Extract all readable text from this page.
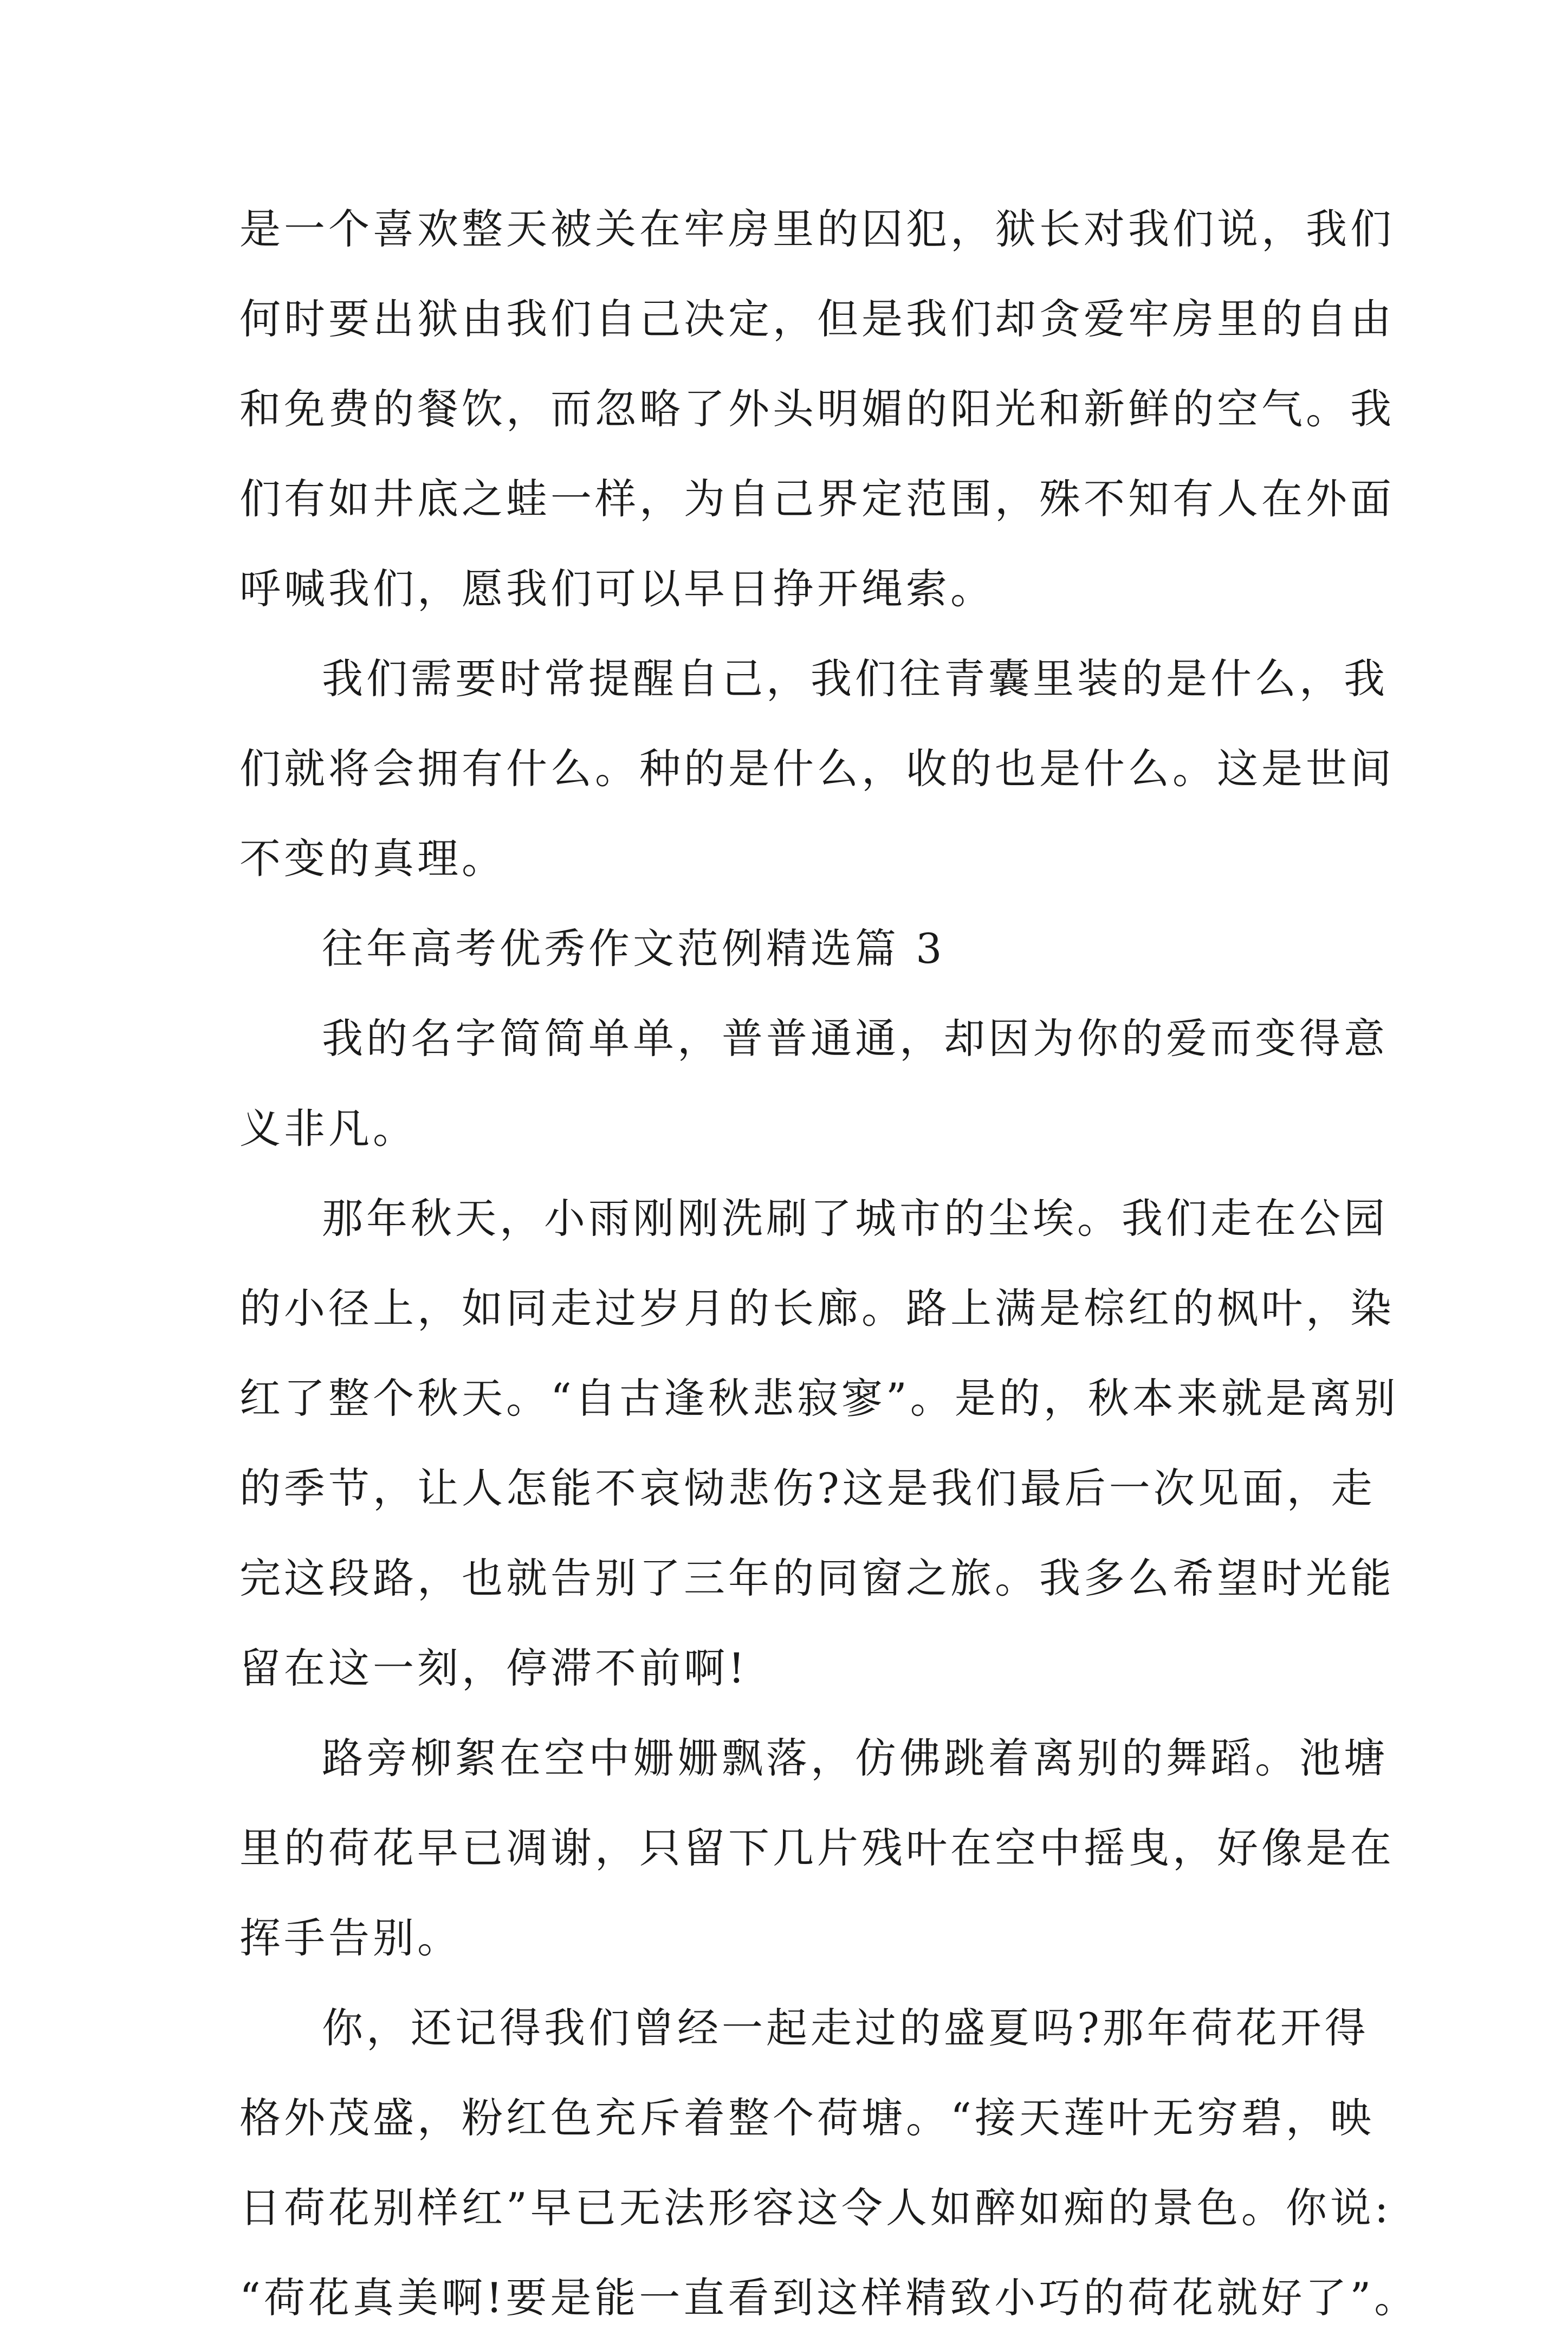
是一个喜欢整天被关在牢房里的囚犯，狱长对我们说，我们
何时要出狱由我们自己决定，但是我们却贪爱牢房里的自由
和免费的餐饮，而忽略了外头明媚的阳光和新鲜的空气。我
们有如井底之蛙一样，为自己界定范围，殊不知有人在外面
呼喊我们，愿我们可以早日挣开绳索。
我们需要时常提醒自己，我们往青囊里装的是什么，我
们就将会拥有什么。种的是什么，收的也是什么。这是世间
不变的真理。
往年高考优秀作文范例精选篇 3
我的名字简简单单，普普通通，却因为你的爱而变得意
义非凡。
那年秋天，小雨刚刚洗刷了城市的尘埃。我们走在公园
的小径上，如同走过岁月的长廊。路上满是棕红的枫叶，染
红了整个秋天。“自古逢秋悲寂寥”。是的，秋本来就是离别
的季节，让人怎能不哀恸悲伤?这是我们最后一次见面，走
完这段路，也就告别了三年的同窗之旅。我多么希望时光能
留在这一刻，停滞不前啊!
路旁柳絮在空中姗姗飘落，仿佛跳着离别的舞蹈。池塘
里的荷花早已凋谢，只留下几片残叶在空中摇曳，好像是在
挥手告别。
你，还记得我们曾经一起走过的盛夏吗?那年荷花开得
格外茂盛，粉红色充斥着整个荷塘。“接天莲叶无穷碧，映
日荷花别样红”早已无法形容这令人如醉如痴的景色。你说:
“荷花真美啊!要是能一直看到这样精致小巧的荷花就好了”。
